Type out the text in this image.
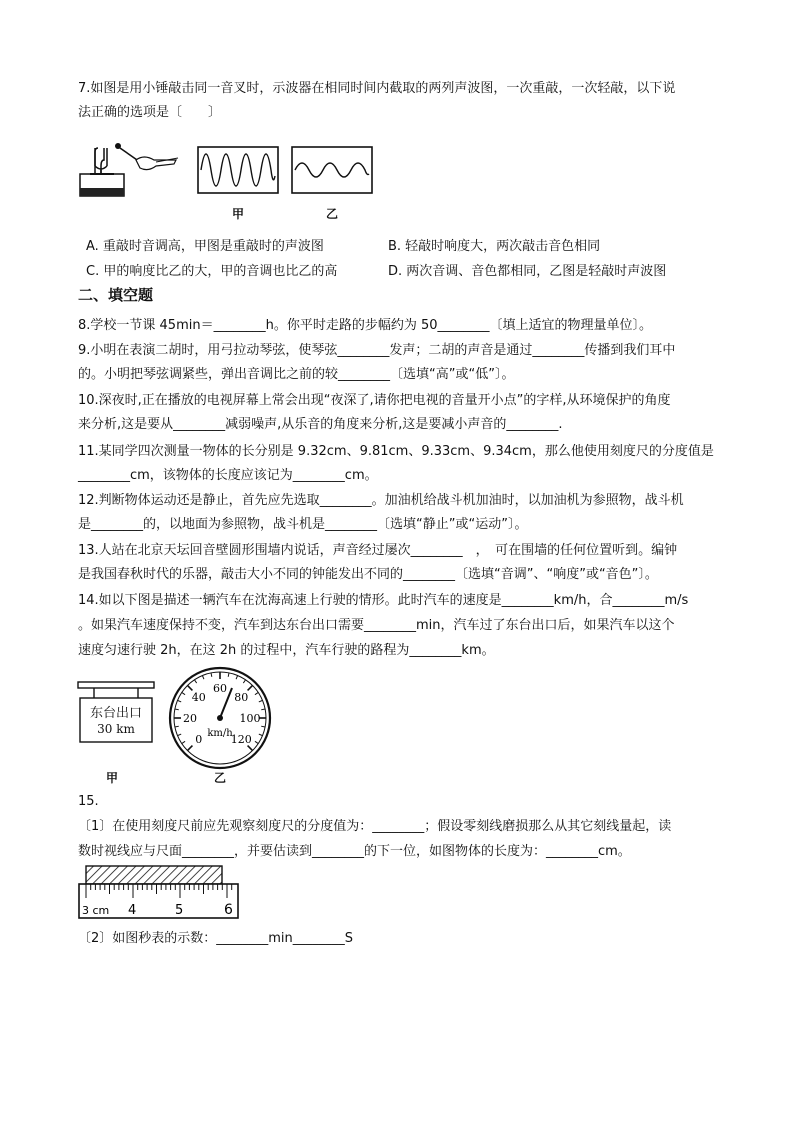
7.如图是用小锤敲击同一音叉时，示波器在相同时间内截取的两列声波图，一次重敲，一次轻敲，以下说
法正确的选项是〔　　〕
甲	乙
A. 重敲时音调高，甲图是重敲时的声波图	B. 轻敲时响度大，两次敲击音色相同
C. 甲的响度比乙的大，甲的音调也比乙的高	D. 两次音调、音色都相同，乙图是轻敲时声波图
二、填空题
8.学校一节课 45min＝________h。你平时走路的步幅约为 50________〔填上适宜的物理量单位〕。
9.小明在表演二胡时，用弓拉动琴弦，使琴弦________发声；二胡的声音是通过________传播到我们耳中
的。小明把琴弦调紧些，弹出音调比之前的较________〔选填“高”或“低”〕。
10.深夜时,正在播放的电视屏幕上常会出现“夜深了,请你把电视的音量开小点”的字样,从环境保护的角度
来分析,这是要从________减弱噪声,从乐音的角度来分析,这是要减小声音的________.
11.某同学四次测量一物体的长分别是 9.32cm、9.81cm、9.33cm、9.34cm，那么他使用刻度尺的分度值是
________cm，该物体的长度应该记为________cm。
12.判断物体运动还是静止，首先应先选取________。加油机给战斗机加油时，以加油机为参照物，战斗机
是________的，以地面为参照物，战斗机是________〔选填“静止”或“运动”〕。
13.人站在北京天坛回音壁圆形围墙内说话，声音经过屡次________　，　可在围墙的任何位置听到。编钟
是我国春秋时代的乐器，敲击大小不同的钟能发出不同的________〔选填“音调”、“响度”或“音色”〕。
14.如以下图是描述一辆汽车在沈海高速上行驶的情形。此时汽车的速度是________km/h，合________m/s
。如果汽车速度保持不变，汽车到达东台出口需要________min，汽车过了东台出口后，如果汽车以这个
速度匀速行驶 2h，在这 2h 的过程中，汽车行驶的路程为________km。
东台出口
30 km
0
20
40
60
80
100
120
km/h
甲	乙
15.
〔1〕在使用刻度尺前应先观察刻度尺的分度值为：________；假设零刻线磨损那么从其它刻线量起，读
数时视线应与尺面________，并要估读到________的下一位，如图物体的长度为：________cm。
3 cm 4	5	6
〔2〕如图秒表的示数：________min________S
